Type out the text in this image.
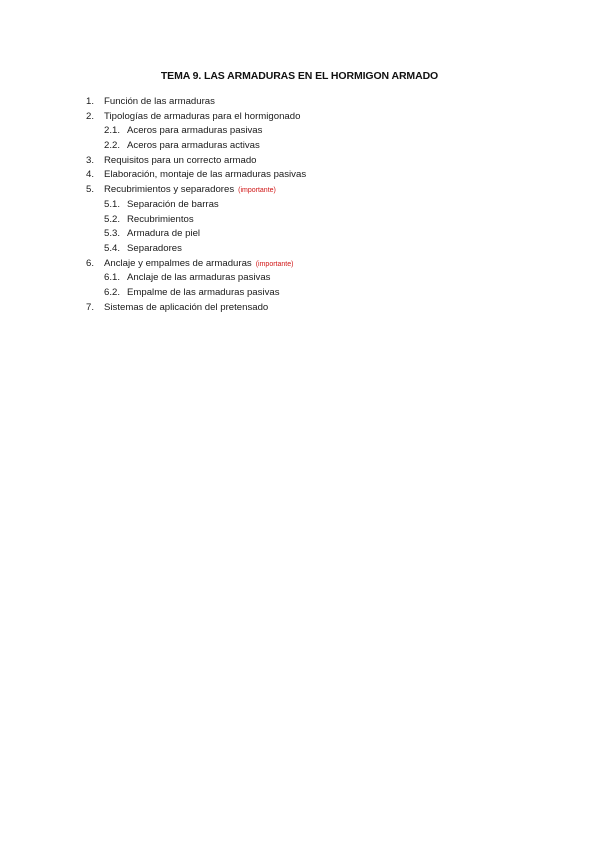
TEMA 9. LAS ARMADURAS EN EL HORMIGON ARMADO
1.	Función de las armaduras
2.	Tipologías de armaduras para el hormigonado
2.1. Aceros para armaduras pasivas
2.2. Aceros para armaduras activas
3.	Requisitos para un correcto armado
4.	Elaboración, montaje de las armaduras pasivas
5.	Recubrimientos y separadores (importante)
5.1. Separación de barras
5.2. Recubrimientos
5.3. Armadura de piel
5.4. Separadores
6.	Anclaje y empalmes de armaduras (importante)
6.1. Anclaje de las armaduras pasivas
6.2. Empalme de las armaduras pasivas
7.	Sistemas de aplicación del pretensado
